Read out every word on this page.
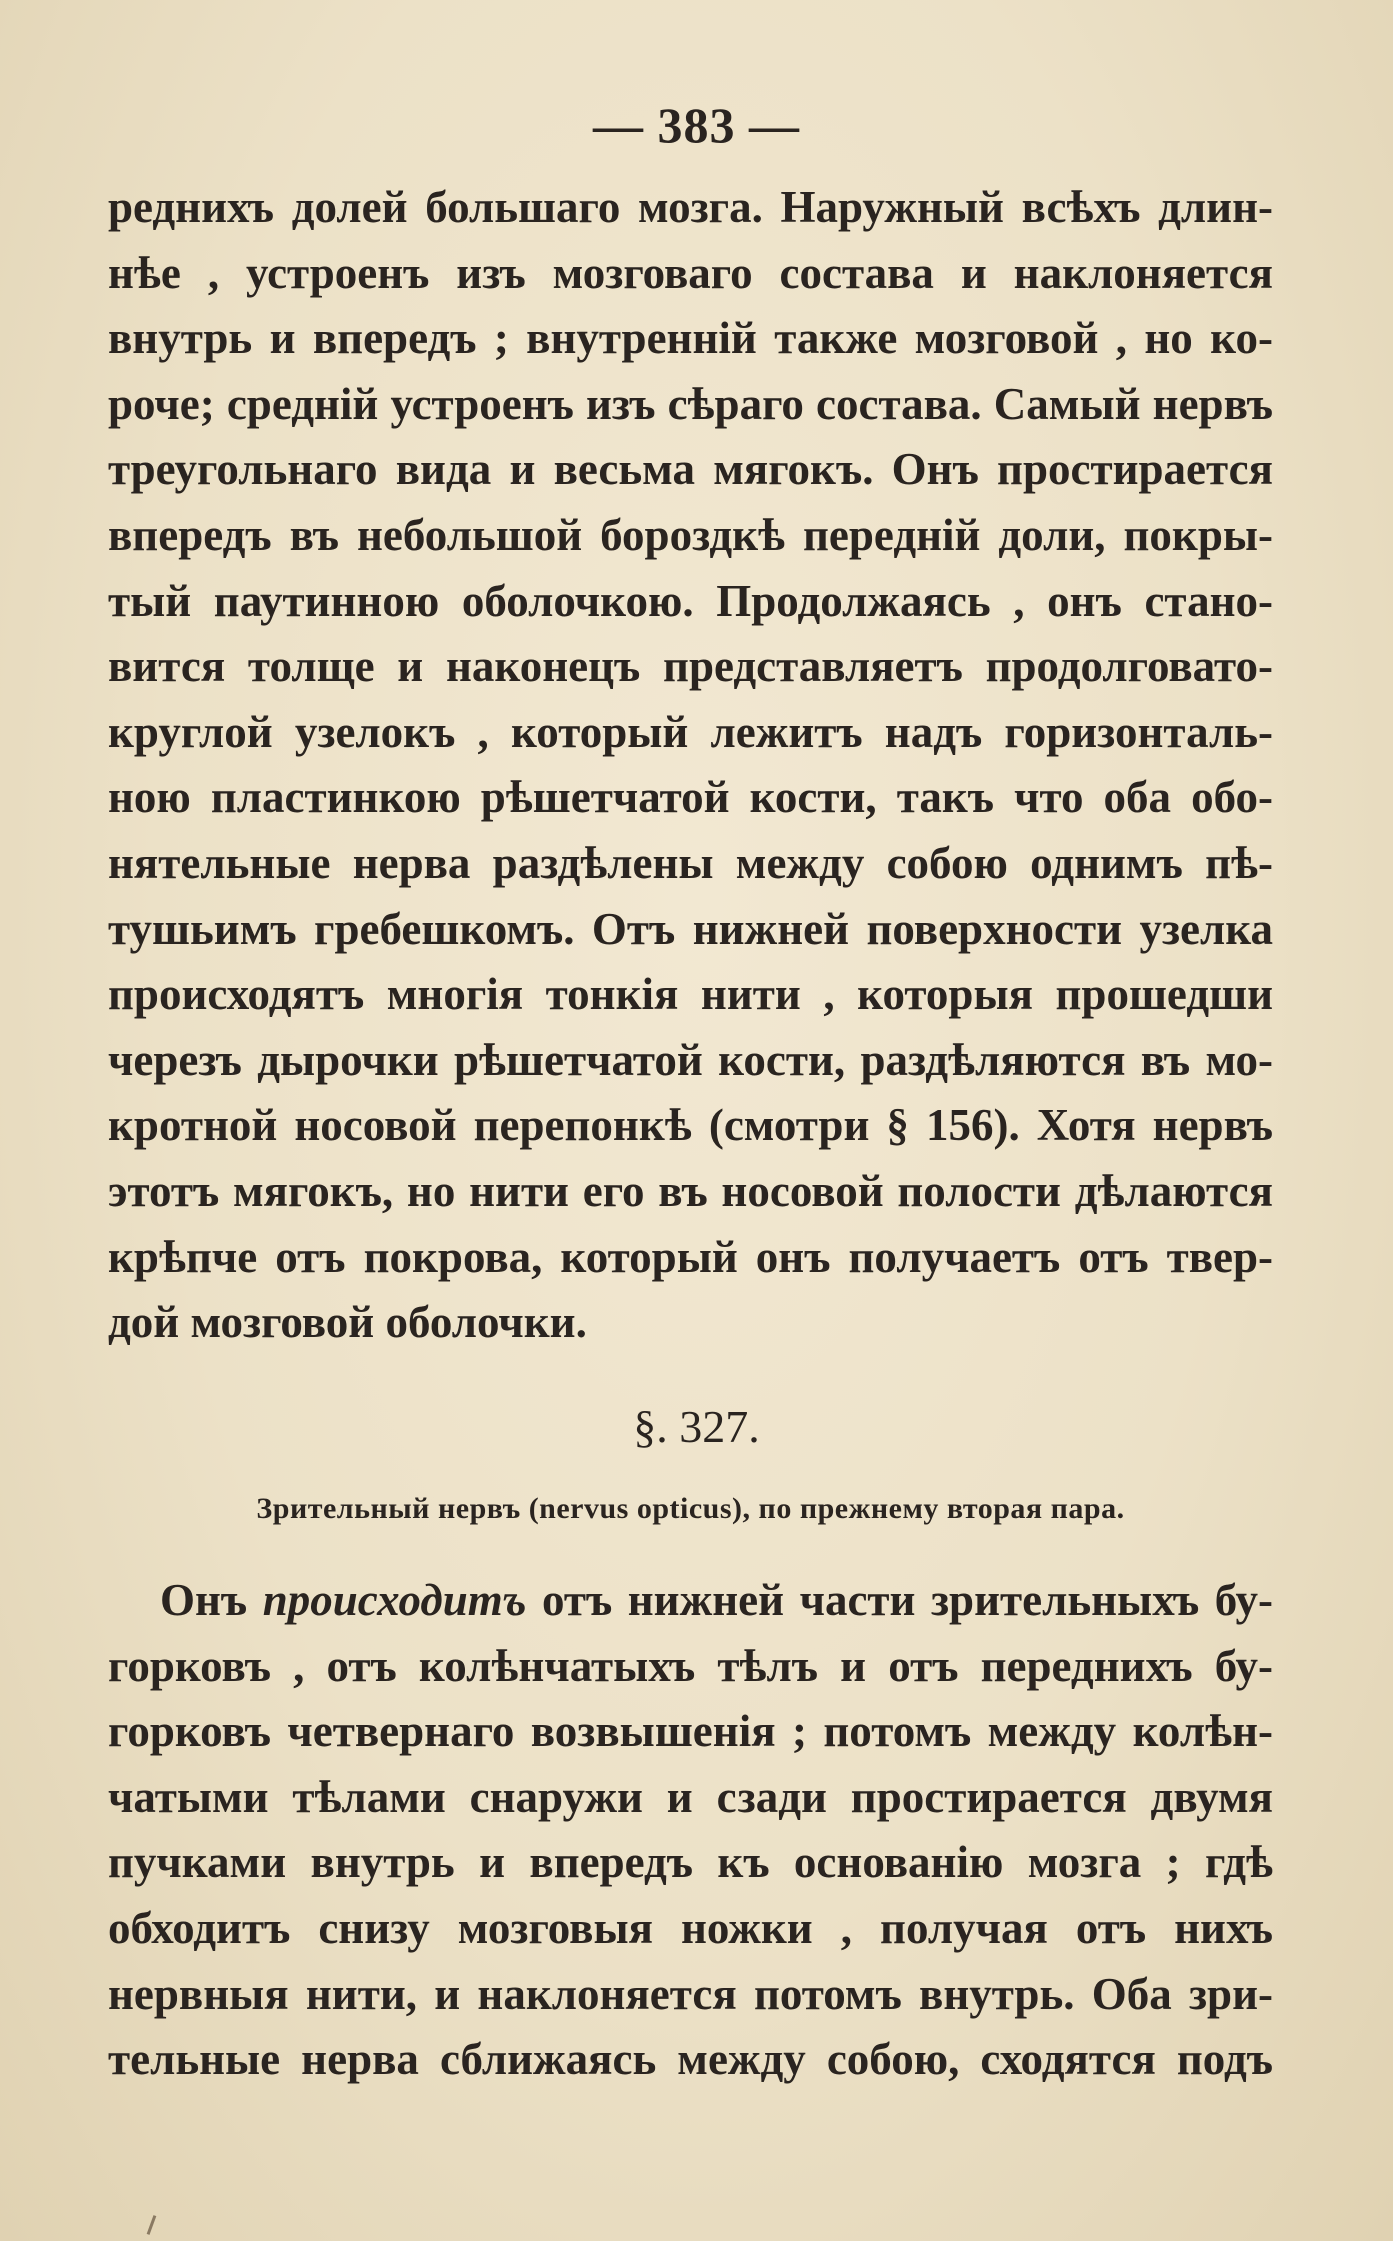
— 383 —
реднихъ долей большаго мозга. Наружный всѣхъ длин-
нѣе , устроенъ изъ мозговаго состава и наклоняется
внутрь и впередъ ; внутренній также мозговой , но ко-
роче; средній устроенъ изъ сѣраго состава. Самый нервъ
треугольнаго вида и весьма мягокъ. Онъ простирается
впередъ въ небольшой бороздкѣ передній доли, покры-
тый паутинною оболочкою. Продолжаясь , онъ стано-
вится толще и наконецъ представляетъ продолговато-
круглой узелокъ , который лежитъ надъ горизонталь-
ною пластинкою рѣшетчатой кости, такъ что оба обо-
нятельные нерва раздѣлены между собою однимъ пѣ-
тушьимъ гребешкомъ. Отъ нижней поверхности узелка
происходятъ многія тонкія нити , которыя прошедши
черезъ дырочки рѣшетчатой кости, раздѣляются въ мо-
кротной носовой перепонкѣ (смотри § 156). Хотя нервъ
этотъ мягокъ, но нити его въ носовой полости дѣлаются
крѣпче отъ покрова, который онъ получаетъ отъ твер-
дой мозговой оболочки.
§. 327.
Зрительный нервъ (nervus opticus), по прежнему вторая пара.
Онъ происходитъ отъ нижней части зрительныхъ бу-
горковъ , отъ колѣнчатыхъ тѣлъ и отъ переднихъ бу-
горковъ четвернаго возвышенія ; потомъ между колѣн-
чатыми тѣлами снаружи и сзади простирается двумя
пучками внутрь и впередъ къ основанію мозга ; гдѣ
обходитъ снизу мозговыя ножки , получая отъ нихъ
нервныя нити, и наклоняется потомъ внутрь. Оба зри-
тельные нерва сближаясь между собою, сходятся подъ
